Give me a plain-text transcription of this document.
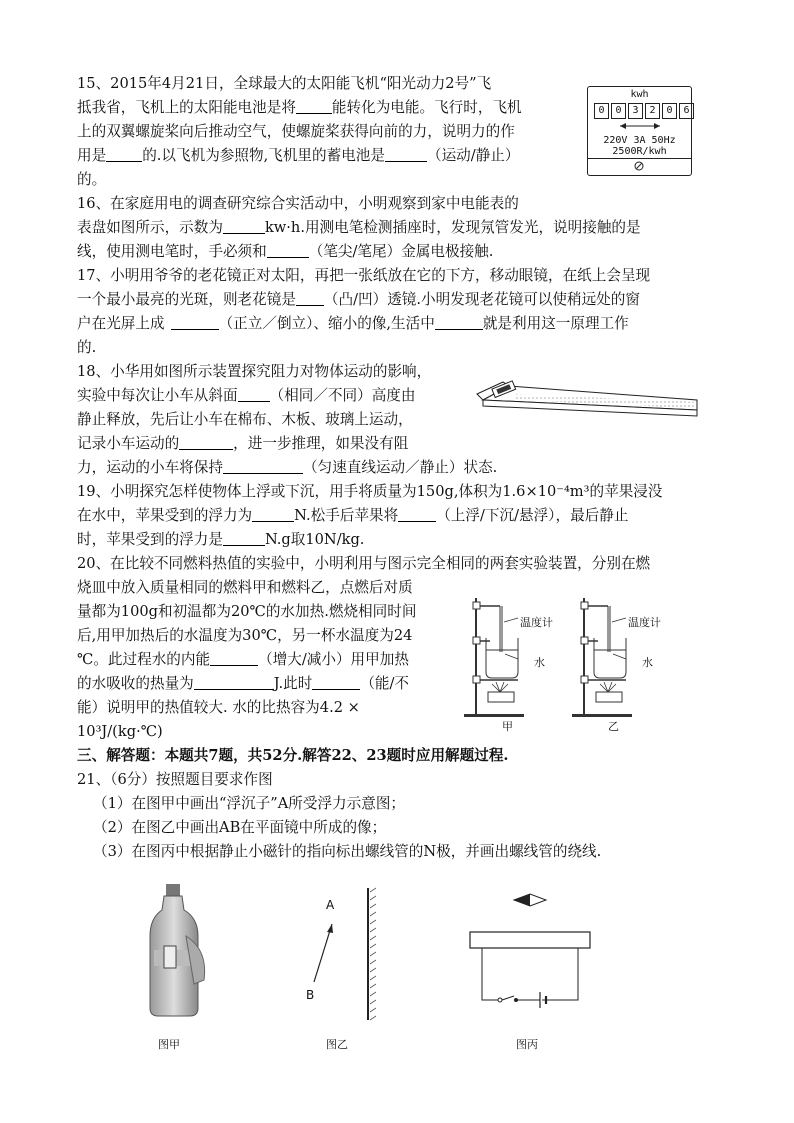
15、2015年4月21日，全球最大的太阳能飞机“阳光动力2号”飞
抵我省，飞机上的太阳能电池是将 能转化为电能。飞行时，飞机
上的双翼螺旋桨向后推动空气，使螺旋桨获得向前的力，说明力的作
用是 的.以飞机为参照物,飞机里的蓄电池是	（运动/静止）
的。
kwh
0	0	3	2	0	6
220V 3A 50Hz
2500R/kwh
16、在家庭用电的调查研究综合实活动中，小明观察到家中电能表的
表盘如图所示，示数为	kw·h.用测电笔检测插座时，发现氖管发光，说明接触的是
线，使用测电笔时，手必须和	（笔尖/笔尾）金属电极接触.
17、小明用爷爷的老花镜正对太阳，再把一张纸放在它的下方，移动眼镜，在纸上会呈现
一个最小最亮的光斑，则老花镜是 （凸/凹）透镜.小明发现老花镜可以使稍远处的窗
户在光屏上成	（正立／倒立）、缩小的像,生活中	就是利用这一原理工作
的.
18、小华用如图所示装置探究阻力对物体运动的影响，
实验中每次让小车从斜面 （相同／不同）高度由
静止释放，先后让小车在棉布、木板、玻璃上运动，
记录小车运动的	，进一步推理，如果没有阻
力，运动的小车将保持	（匀速直线运动／静止）状态.
19、小明探究怎样使物体上浮或下沉，用手将质量为150g,体积为1.6×10⁻⁴m³的苹果浸没
在水中，苹果受到的浮力为	N.松手后苹果将	（上浮/下沉/悬浮），最后静止
时，苹果受到的浮力是	N.g取10N/kg.
20、在比较不同燃料热值的实验中，小明利用与图示完全相同的两套实验装置，分别在燃
烧皿中放入质量相同的燃料甲和燃料乙，点燃后对质
量都为100g和初温都为20℃的水加热.燃烧相同时间
后,用甲加热后的水温度为30℃，另一杯水温度为24
℃。此过程水的内能	（增大/减小）用甲加热
的水吸收的热量为	J.此时	（能/不
能）说明甲的热值较大. 水的比热容为4.2 ×
10³J/(kg·℃)
温度计
水
温度计
水
甲	乙
三、解答题：本题共7题，共52分.解答22、23题时应用解题过程.
21、（6分）按照题目要求作图
（1）在图甲中画出“浮沉子”A所受浮力示意图；
（2）在图乙中画出AB在平面镜中所成的像；
（3）在图丙中根据静止小磁针的指向标出螺线管的N极，并画出螺线管的绕线.
图甲
A
B
图乙	图丙
